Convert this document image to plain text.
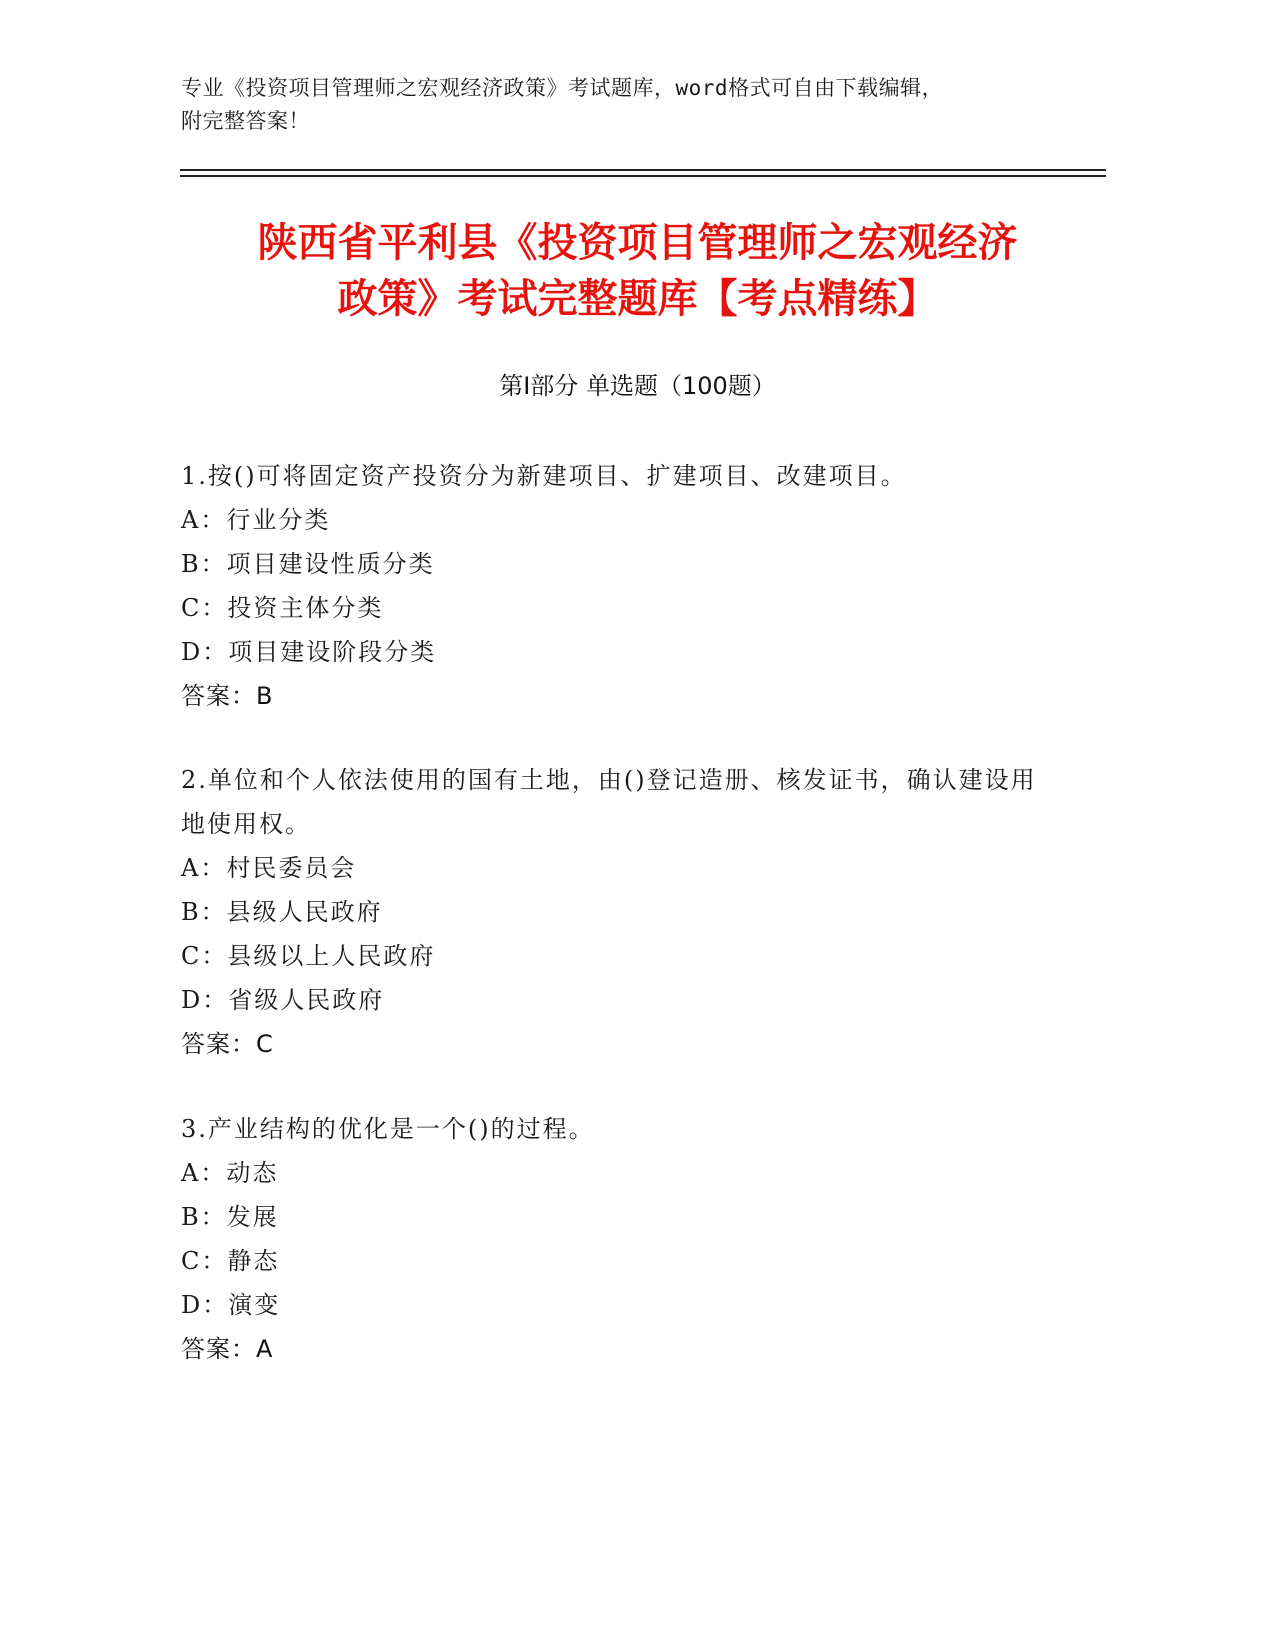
专业《投资项目管理师之宏观经济政策》考试题库，word格式可自由下载编辑，
附完整答案！
陕西省平利县《投资项目管理师之宏观经济
政策》考试完整题库【考点精练】
第Ⅰ部分 单选题（100题）
1.按()可将固定资产投资分为新建项目、扩建项目、改建项目。
A：行业分类
B：项目建设性质分类
C：投资主体分类
D：项目建设阶段分类
答案：B
2.单位和个人依法使用的国有土地，由()登记造册、核发证书，确认建设用地使用权。
A：村民委员会
B：县级人民政府
C：县级以上人民政府
D：省级人民政府
答案：C
3.产业结构的优化是一个()的过程。
A：动态
B：发展
C：静态
D：演变
答案：A
